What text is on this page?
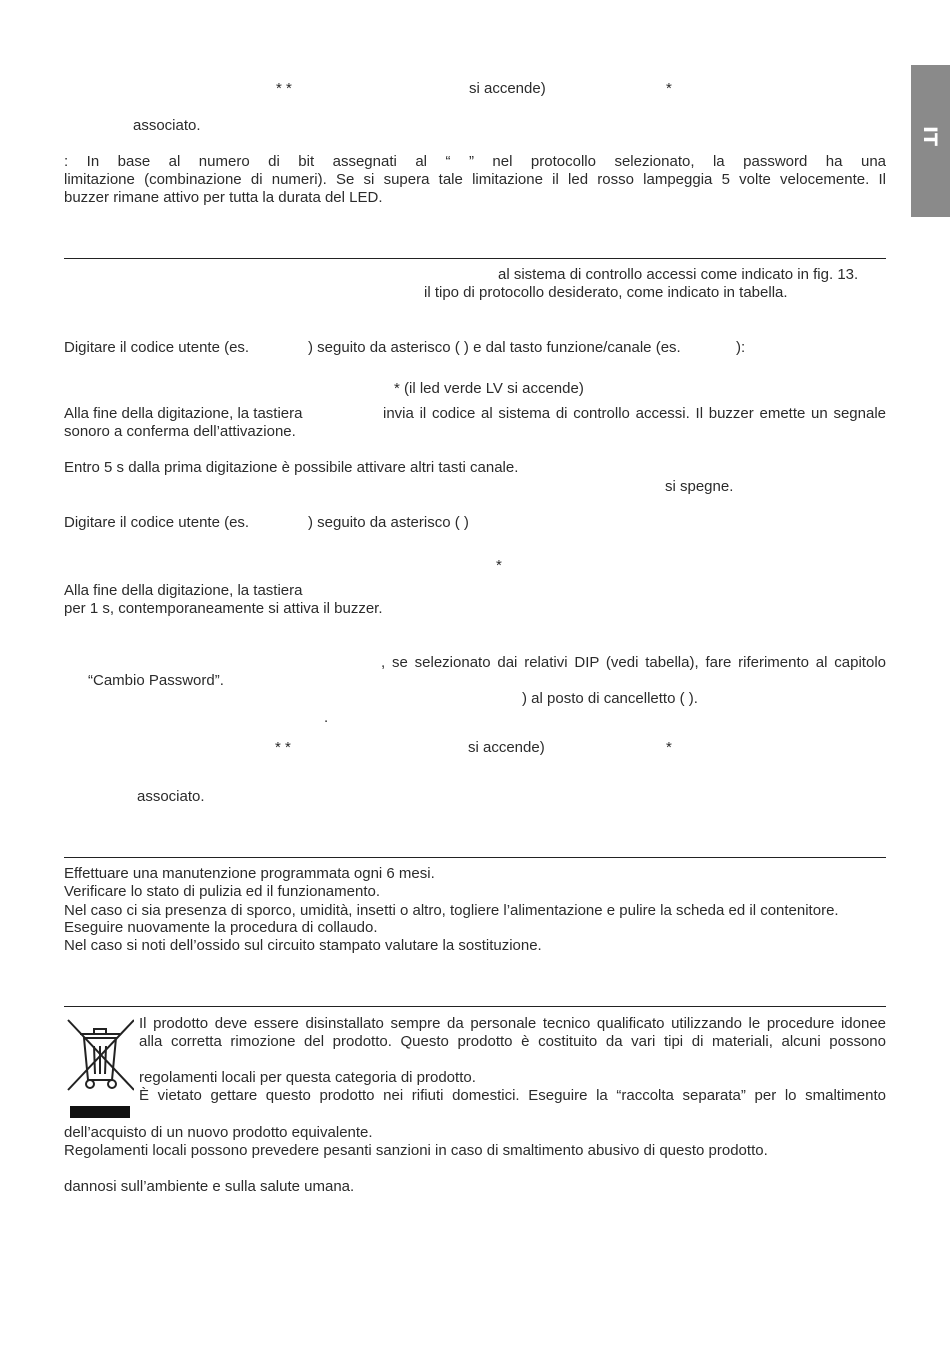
IT
* *	si accende)	*
associato.
: In base al numero di bit assegnati al “ ” nel protocollo selezionato, la password ha una
limitazione (combinazione di numeri). Se si supera tale limitazione il led rosso lampeggia 5 volte velocemente. Il
buzzer rimane attivo per tutta la durata del LED.
al sistema di controllo accessi come indicato in fig. 13.
il tipo di protocollo desiderato, come indicato in tabella.
Digitare il codice utente (es.	) seguito da asterisco ( ) e dal tasto funzione/canale (es.	):
* (il led verde LV si accende)
Alla fine della digitazione, la tastiera	invia il codice al sistema di controllo accessi. Il buzzer emette un segnale
sonoro a conferma dell’attivazione.
Entro 5 s dalla prima digitazione è possibile attivare altri tasti canale.
si spegne.
Digitare il codice utente (es.	) seguito da asterisco ( )
*
Alla fine della digitazione, la tastiera
per 1 s, contemporaneamente si attiva il buzzer.
, se selezionato dai relativi DIP (vedi tabella), fare riferimento al capitolo
“Cambio Password”.
) al posto di cancelletto ( ).
.
* *	si accende)	*
associato.
Effettuare una manutenzione programmata ogni 6 mesi.
Verificare lo stato di pulizia ed il funzionamento.
Nel caso ci sia presenza di sporco, umidità, insetti o altro, togliere l’alimentazione e pulire la scheda ed il contenitore.
Eseguire nuovamente la procedura di collaudo.
Nel caso si noti dell’ossido sul circuito stampato valutare la sostituzione.
Il prodotto deve essere disinstallato sempre da personale tecnico qualificato utilizzando le procedure idonee
alla corretta rimozione del prodotto. Questo prodotto è costituito da vari tipi di materiali, alcuni possono
regolamenti locali per questa categoria di prodotto.
È vietato gettare questo prodotto nei rifiuti domestici. Eseguire la “raccolta separata” per lo smaltimento
dell’acquisto di un nuovo prodotto equivalente.
Regolamenti locali possono prevedere pesanti sanzioni in caso di smaltimento abusivo di questo prodotto.
dannosi sull’ambiente e sulla salute umana.
